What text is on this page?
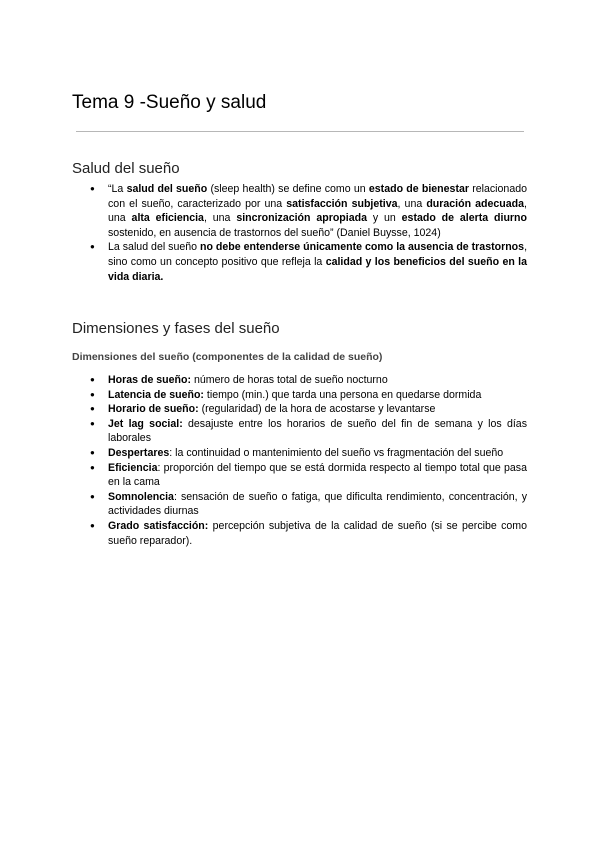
Tema 9 -Sueño y salud
Salud del sueño
● “La salud del sueño (sleep health) se define como un estado de bienestar relacionado con el sueño, caracterizado por una satisfacción subjetiva, una duración adecuada, una alta eficiencia, una sincronización apropiada y un estado de alerta diurno sostenido, en ausencia de trastornos del sueño” (Daniel Buysse, 1024)
● La salud del sueño no debe entenderse únicamente como la ausencia de trastornos, sino como un concepto positivo que refleja la calidad y los beneficios del sueño en la vida diaria.
Dimensiones y fases del sueño
Dimensiones del sueño (componentes de la calidad de sueño)
● Horas de sueño: número de horas total de sueño nocturno
● Latencia de sueño: tiempo (min.) que tarda una persona en quedarse dormida
● Horario de sueño: (regularidad) de la hora de acostarse y levantarse
● Jet lag social: desajuste entre los horarios de sueño del fin de semana y los días laborales
● Despertares: la continuidad o mantenimiento del sueño vs fragmentación del sueño
● Eficiencia: proporción del tiempo que se está dormida respecto al tiempo total que pasa en la cama
● Somnolencia: sensación de sueño o fatiga, que dificulta rendimiento, concentración, y actividades diurnas
● Grado satisfacción: percepción subjetiva de la calidad de sueño (si se percibe como sueño reparador).
